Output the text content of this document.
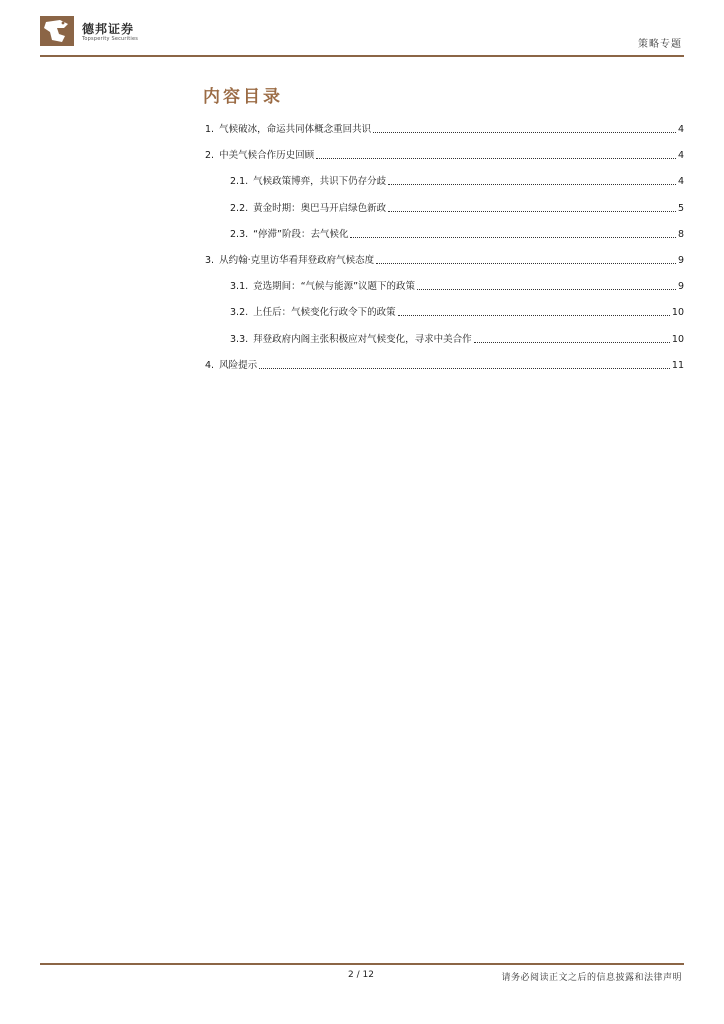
德邦证券
Topsperity Securities	策略专题
内容目录
1. 气候破冰，命运共同体概念重回共识	4
2. 中美气候合作历史回顾	4
2.1. 气候政策博弈，共识下仍存分歧	4
2.2. 黄金时期：奥巴马开启绿色新政	5
2.3. “停滞”阶段：去气候化	8
3. 从约翰·克里访华看拜登政府气候态度	9
3.1. 竞选期间：“气候与能源”议题下的政策	9
3.2. 上任后：气候变化行政令下的政策	10
3.3. 拜登政府内阁主张积极应对气候变化，寻求中美合作	10
4. 风险提示	11
2 / 12	请务必阅读正文之后的信息披露和法律声明
